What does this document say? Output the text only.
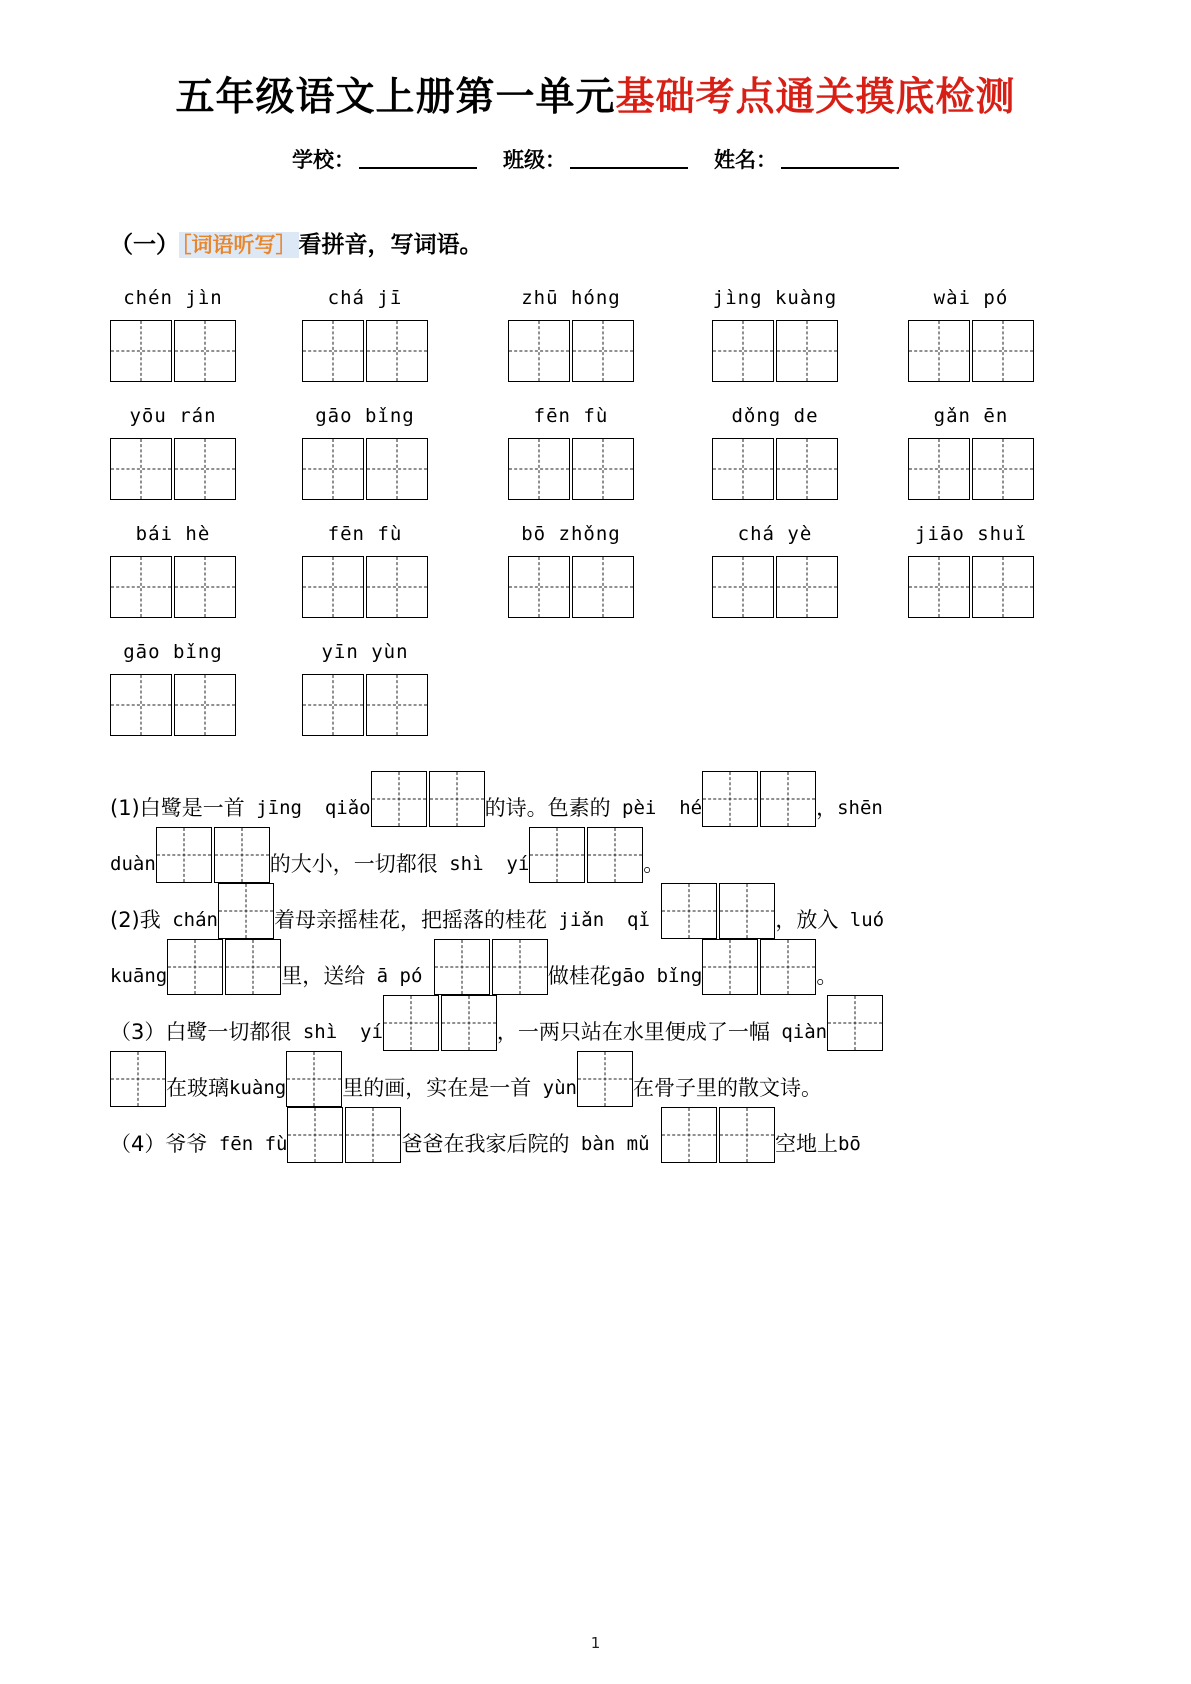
五年级语文上册第一单元基础考点通关摸底检测
学校：	班级：	姓名：
（一）［词语听写］看拼音，写词语。
chén jìn	chá jī	zhū hóng	jìng kuàng	wài pó
yōu rán	gāo bǐng	fēn fù	dǒng de	gǎn ēn
bái hè	fēn fù	bō zhǒng	chá yè	jiāo shuǐ
gāo bǐng	yīn yùn
(1)白鹭是一首 jīng  qiǎo	的诗。色素的 pèi  hé	， shēn
duàn	的大小，一切都很 shì  yí	。
(2)我 chán	着母亲摇桂花，把摇落的桂花 jiǎn  qǐ	，放入 luó
kuāng	里，送给 ā pó	做桂花 gāo bǐng	。
（3）白鹭一切都很 shì  yí	，一两只站在水里便成了一幅 qiàn
在玻璃 kuàng	里的画，实在是一首 yùn	在骨子里的散文诗。
（4）爷爷 fēn fù	爸爸在我家后院的 bàn mǔ	空地上 bō
1
